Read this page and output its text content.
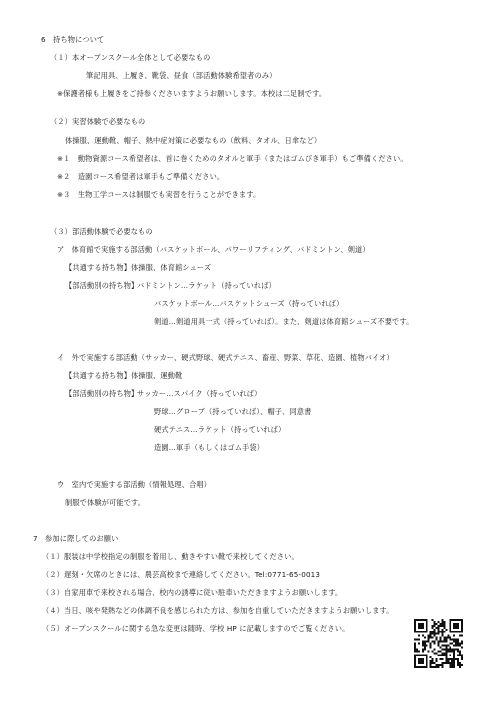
6　持ち物について
（１）本オープンスクール全体として必要なもの
筆記用具、上履き、靴袋、昼食（部活動体験希望者のみ）
※保護者様も上履きをご持参くださいますようお願いします。本校は二足制です。
（２）実習体験で必要なもの
体操服、運動靴、帽子、熱中症対策に必要なもの（飲料、タオル、日傘など）
※１　動物資源コース希望者は、首に巻くためのタオルと軍手（またはゴムびき軍手）もご準備ください。
※２　造園コース希望者は軍手もご準備ください。
※３　生物工学コースは制服でも実習を行うことができます。
（３）部活動体験で必要なもの
ア　体育館で実施する部活動（バスケットボール、パワーリフティング、バドミントン、剣道）
【共通する持ち物】体操服、体育館シューズ
【部活動別の持ち物】
バドミントン…ラケット（持っていれば）
バスケットボール…バスケットシューズ（持っていれば）
剣道…剣道用具一式（持っていれば）。また、剣道は体育館シューズ不要です。
イ　外で実施する部活動（サッカー、硬式野球、硬式テニス、畜産、野菜、草花、造園、植物バイオ）
【共通する持ち物】体操服、運動靴
【部活動別の持ち物】
サッカー…スパイク（持っていれば）
野球…グローブ（持っていれば）、帽子、同意書
硬式テニス…ラケット（持っていれば）
造園…軍手（もしくはゴム手袋）
ウ　室内で実施する部活動（情報処理、合唱）
制服で体験が可能です。
7　参加に際してのお願い
（１）服装は中学校指定の制服を着用し、動きやすい靴で来校してください。
（２）遅刻・欠席のときには、農芸高校まで連絡してください。Tel:0771-65-0013
（３）自家用車で来校される場合、校内の誘導に従い駐車いただきますようお願いします。
（４）当日、咳や発熱などの体調不良を感じられた方は、参加を自重していただきますようお願いします。
（５）オープンスクールに関する急な変更は随時、学校 HP に記載しますのでご覧ください。
